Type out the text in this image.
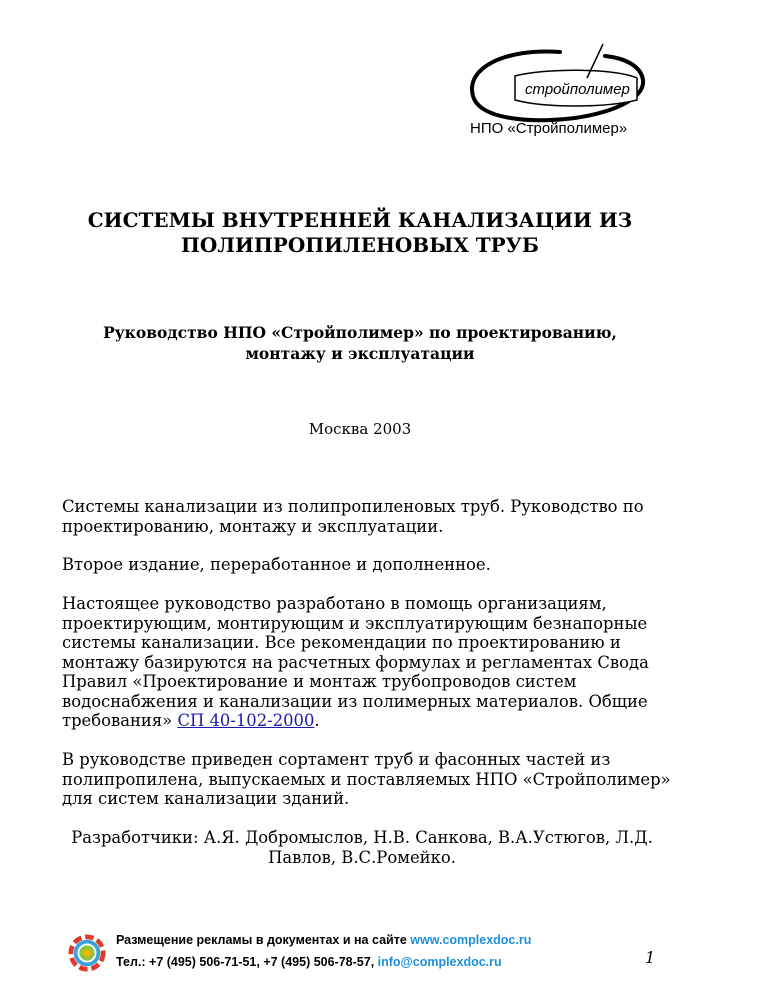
стройполимер
НПО «Стройполимер»
СИСТЕМЫ ВНУТРЕННЕЙ КАНАЛИЗАЦИИ ИЗ
ПОЛИПРОПИЛЕНОВЫХ ТРУБ
Руководство НПО «Стройполимер» по проектированию,
монтажу и эксплуатации
Москва 2003

Системы канализации из полипропиленовых труб. Руководство по проектированию, монтажу и эксплуатации.

Второе издание, переработанное и дополненное.

Настоящее руководство разработано в помощь организациям, проектирующим, монтирующим и эксплуатирующим безнапорные системы канализации. Все рекомендации по проектированию и монтажу базируются на расчетных формулах и регламентах Свода Правил «Проектирование и монтаж трубопроводов систем водоснабжения и канализации из полимерных материалов. Общие требования» СП 40-102-2000.

В руководстве приведен сортамент труб и фасонных частей из полипропилена, выпускаемых и поставляемых НПО «Стройполимер» для систем канализации зданий.

Разработчики: А.Я. Добромыслов, Н.В. Санкова, В.А.Устюгов, Л.Д. Павлов, В.С.Ромейко.

Размещение рекламы в документах и на сайте www.complexdoc.ru
Тел.: +7 (495) 506-71-51, +7 (495) 506-78-57, info@complexdoc.ru	1
